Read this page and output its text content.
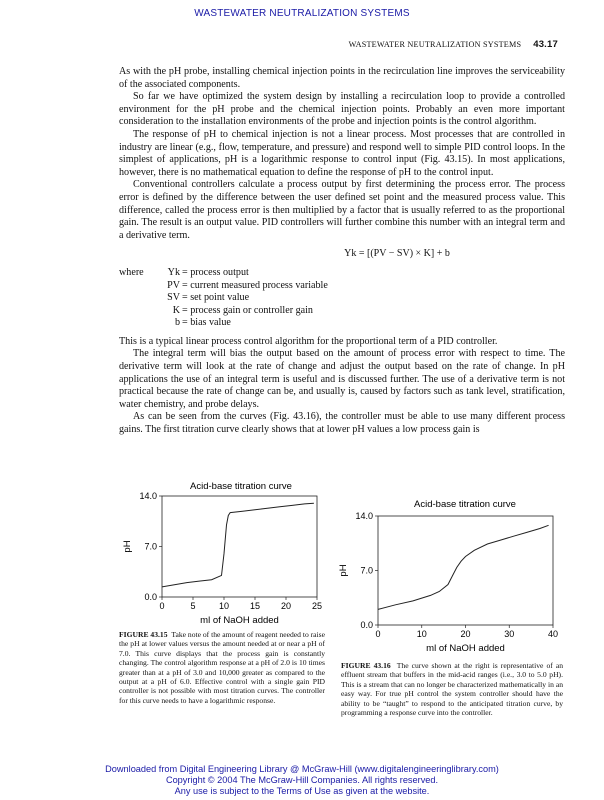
WASTEWATER NEUTRALIZATION SYSTEMS
WASTEWATER NEUTRALIZATION SYSTEMS 43.17

As with the pH probe, installing chemical injection points in the recirculation line improves the serviceability of the associated components.

So far we have optimized the system design by installing a recirculation loop to provide a controlled environment for the pH probe and the chemical injection points. Probably an even more important consideration to the installation environments of the probe and injection points is the control algorithm.

The response of pH to chemical injection is not a linear process. Most processes that are controlled in industry are linear (e.g., flow, temperature, and pressure) and respond well to simple PID control loops. In the simplest of applications, pH is a logarithmic response to control input (Fig. 43.15). In most applications, however, there is no mathematical equation to define the response of pH to the control input.

Conventional controllers calculate a process output by first determining the process error. The process error is defined by the difference between the user defined set point and the measured process value. This difference, called the process error is then multiplied by a factor that is usually referred to as the proportional gain. The result is an output value. PID controllers will further combine this number with an integral term and a derivative term.

Yk = [(PV − SV) × K] + b
where	Yk = process output
PV = current measured process variable
SV = set point value
K = process gain or controller gain
b = bias value

This is a typical linear process control algorithm for the proportional term of a PID controller.

The integral term will bias the output based on the amount of process error with respect to time. The derivative term will look at the rate of change and adjust the output based on the rate of change. In pH applications the use of an integral term is useful and is discussed further. The use of a derivative term is not practical because the rate of change can be, and usually is, caused by factors such as tank level, stratification, water chemistry, and probe delays.

As can be seen from the curves (Fig. 43.16), the controller must be able to use many different process gains. The first titration curve clearly shows that at lower pH values a low process gain is

Acid-base titration curve
0	5	10 15 20 25
0.0
7.0
14.0
ml of NaOH added
pH
FIGURE 43.15 Take note of the amount of reagent needed to raise the pH at lower values versus the amount needed at or near a pH of 7.0. This curve displays that the process gain is constantly changing. The control algorithm response at a pH of 2.0 is 10 times greater than at a pH of 3.0 and 10,000 greater as compared to the output at a pH of 6.0. Effective control with a single gain PID controller is not possible with most titration curves. The controller for this curve needs to have a logarithmic response.
Acid-base titration curve
0	10	20	30	40
0.0
7.0
14.0
ml of NaOH added
pH
FIGURE 43.16 The curve shown at the right is representative of an effluent stream that buffers in the mid-acid ranges (i.e., 3.0 to 5.0 pH). This is a stream that can no longer be characterized mathematically in an easy way. For true pH control the system controller should have the ability to be “taught” to respond to the anticipated titration curve, by programming a response curve into the controller.
Downloaded from Digital Engineering Library @ McGraw-Hill (www.digitalengineeringlibrary.com)
Copyright © 2004 The McGraw-Hill Companies. All rights reserved.
Any use is subject to the Terms of Use as given at the website.
